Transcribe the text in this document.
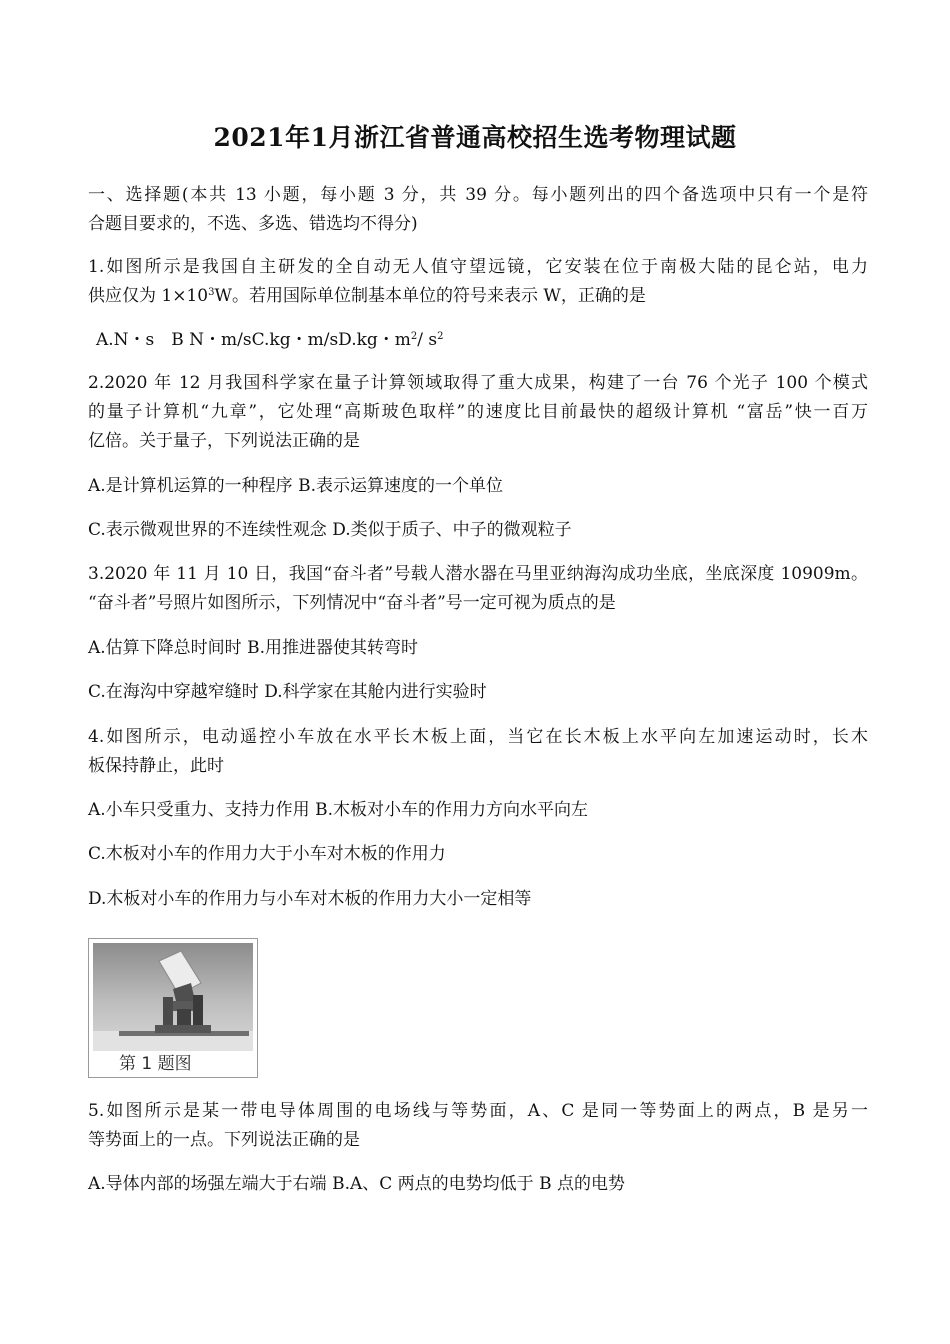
2021年1月浙江省普通高校招生选考物理试题
一、选择题(本共 13 小题，每小题 3 分，共 39 分。每小题列出的四个备选项中只有一个是符
合题目要求的，不选、多选、错选均不得分)
1.如图所示是我国自主研发的全自动无人值守望远镜，它安装在位于南极大陆的昆仑站，电力
供应仅为 $1\times 10^3W$。若用国际单位制基本单位的符号来表示 W，正确的是
A.N・s　B N・m/sC.kg・m/sD.kg・$m^2/$ $s^2$
2.2020 年 12 月我国科学家在量子计算领域取得了重大成果，构建了一台 76 个光子 100 个模式
的量子计算机“九章”，它处理“高斯玻色取样”的速度比目前最快的超级计算机 “富岳”快一百万
亿倍。关于量子，下列说法正确的是
A.是计算机运算的一种程序 B.表示运算速度的一个单位
C.表示微观世界的不连续性观念 D.类似于质子、中子的微观粒子
3.2020 年 11 月 10 日，我国“奋斗者”号载人潜水器在马里亚纳海沟成功坐底，坐底深度 10909m。
“奋斗者”号照片如图所示，下列情况中“奋斗者”号一定可视为质点的是
A.估算下降总时间时 B.用推进器使其转弯时
C.在海沟中穿越窄缝时 D.科学家在其舱内进行实验时
4.如图所示，电动遥控小车放在水平长木板上面，当它在长木板上水平向左加速运动时，长木
板保持静止，此时
A.小车只受重力、支持力作用 B.木板对小车的作用力方向水平向左
C.木板对小车的作用力大于小车对木板的作用力
D.木板对小车的作用力与小车对木板的作用力大小一定相等
第 1 题图
5.如图所示是某一带电导体周围的电场线与等势面，A、C 是同一等势面上的两点，B 是另一
等势面上的一点。下列说法正确的是
A.导体内部的场强左端大于右端 B.A、C 两点的电势均低于 B 点的电势
